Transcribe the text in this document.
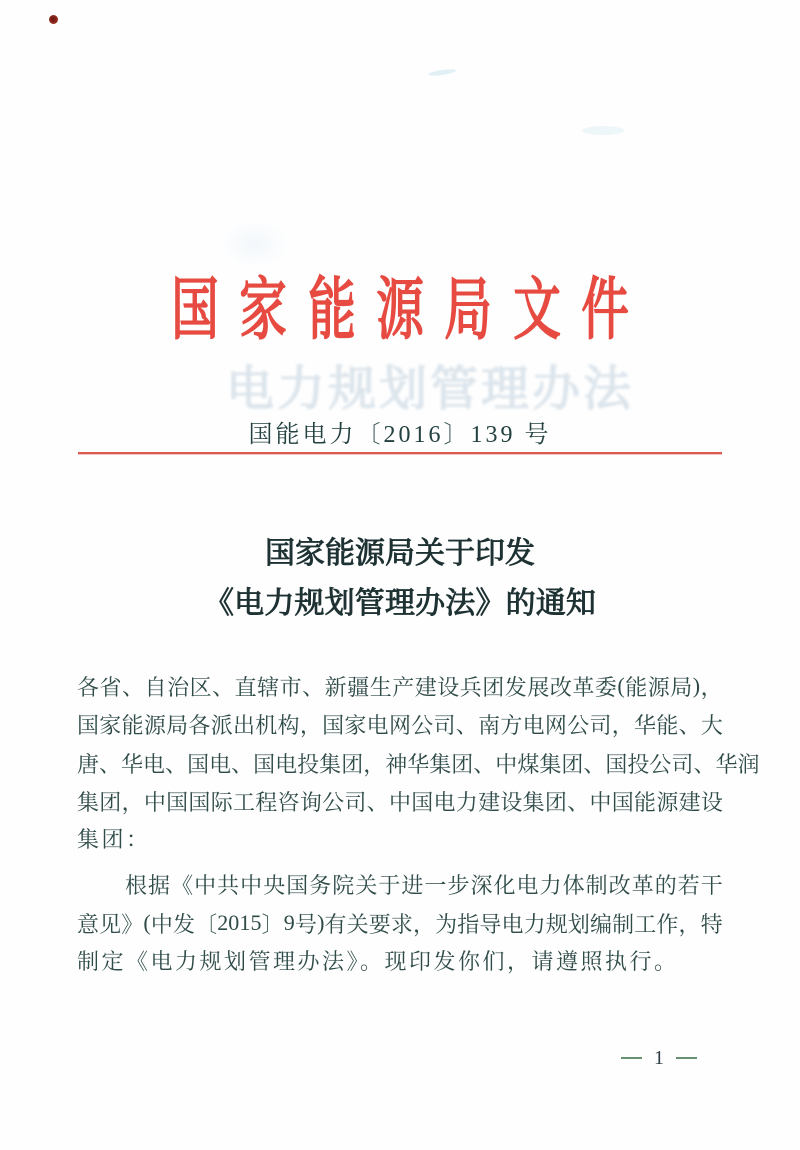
电力规划管理办法
国 家 能 源 局 文 件
国能电力〔2016〕139 号
国 家 能 源 局 关 于 印 发
《 电 力 规 划 管 理 办 法 》 的 通 知
各 省 、 自 治 区 、 直 辖 市 、 新 疆 生 产 建 设 兵 团 发 展 改 革 委 ( 能 源 局 ) ，
国 家 能 源 局 各 派 出 机 构 ， 国 家 电 网 公 司 、 南 方 电 网 公 司 ， 华 能 、 大
唐 、 华 电 、 国 电 、 国 电 投 集 团 ， 神 华 集 团 、 中 煤 集 团 、 国 投 公 司 、 华 润
集 团 ， 中 国 国 际 工 程 咨 询 公 司 、 中 国 电 力 建 设 集 团 、 中 国 能 源 建 设
集团：
根 据 《 中 共 中 央 国 务 院 关 于 进 一 步 深 化 电 力 体 制 改 革 的 若 干
意 见 》 ( 中 发 〔 2 0 1 5 〕 9 号 ) 有 关 要 求 ， 为 指 导 电 力 规 划 编 制 工 作 ， 特
制定《电力规划管理办法》。现印发你们，请遵照执行。
1
